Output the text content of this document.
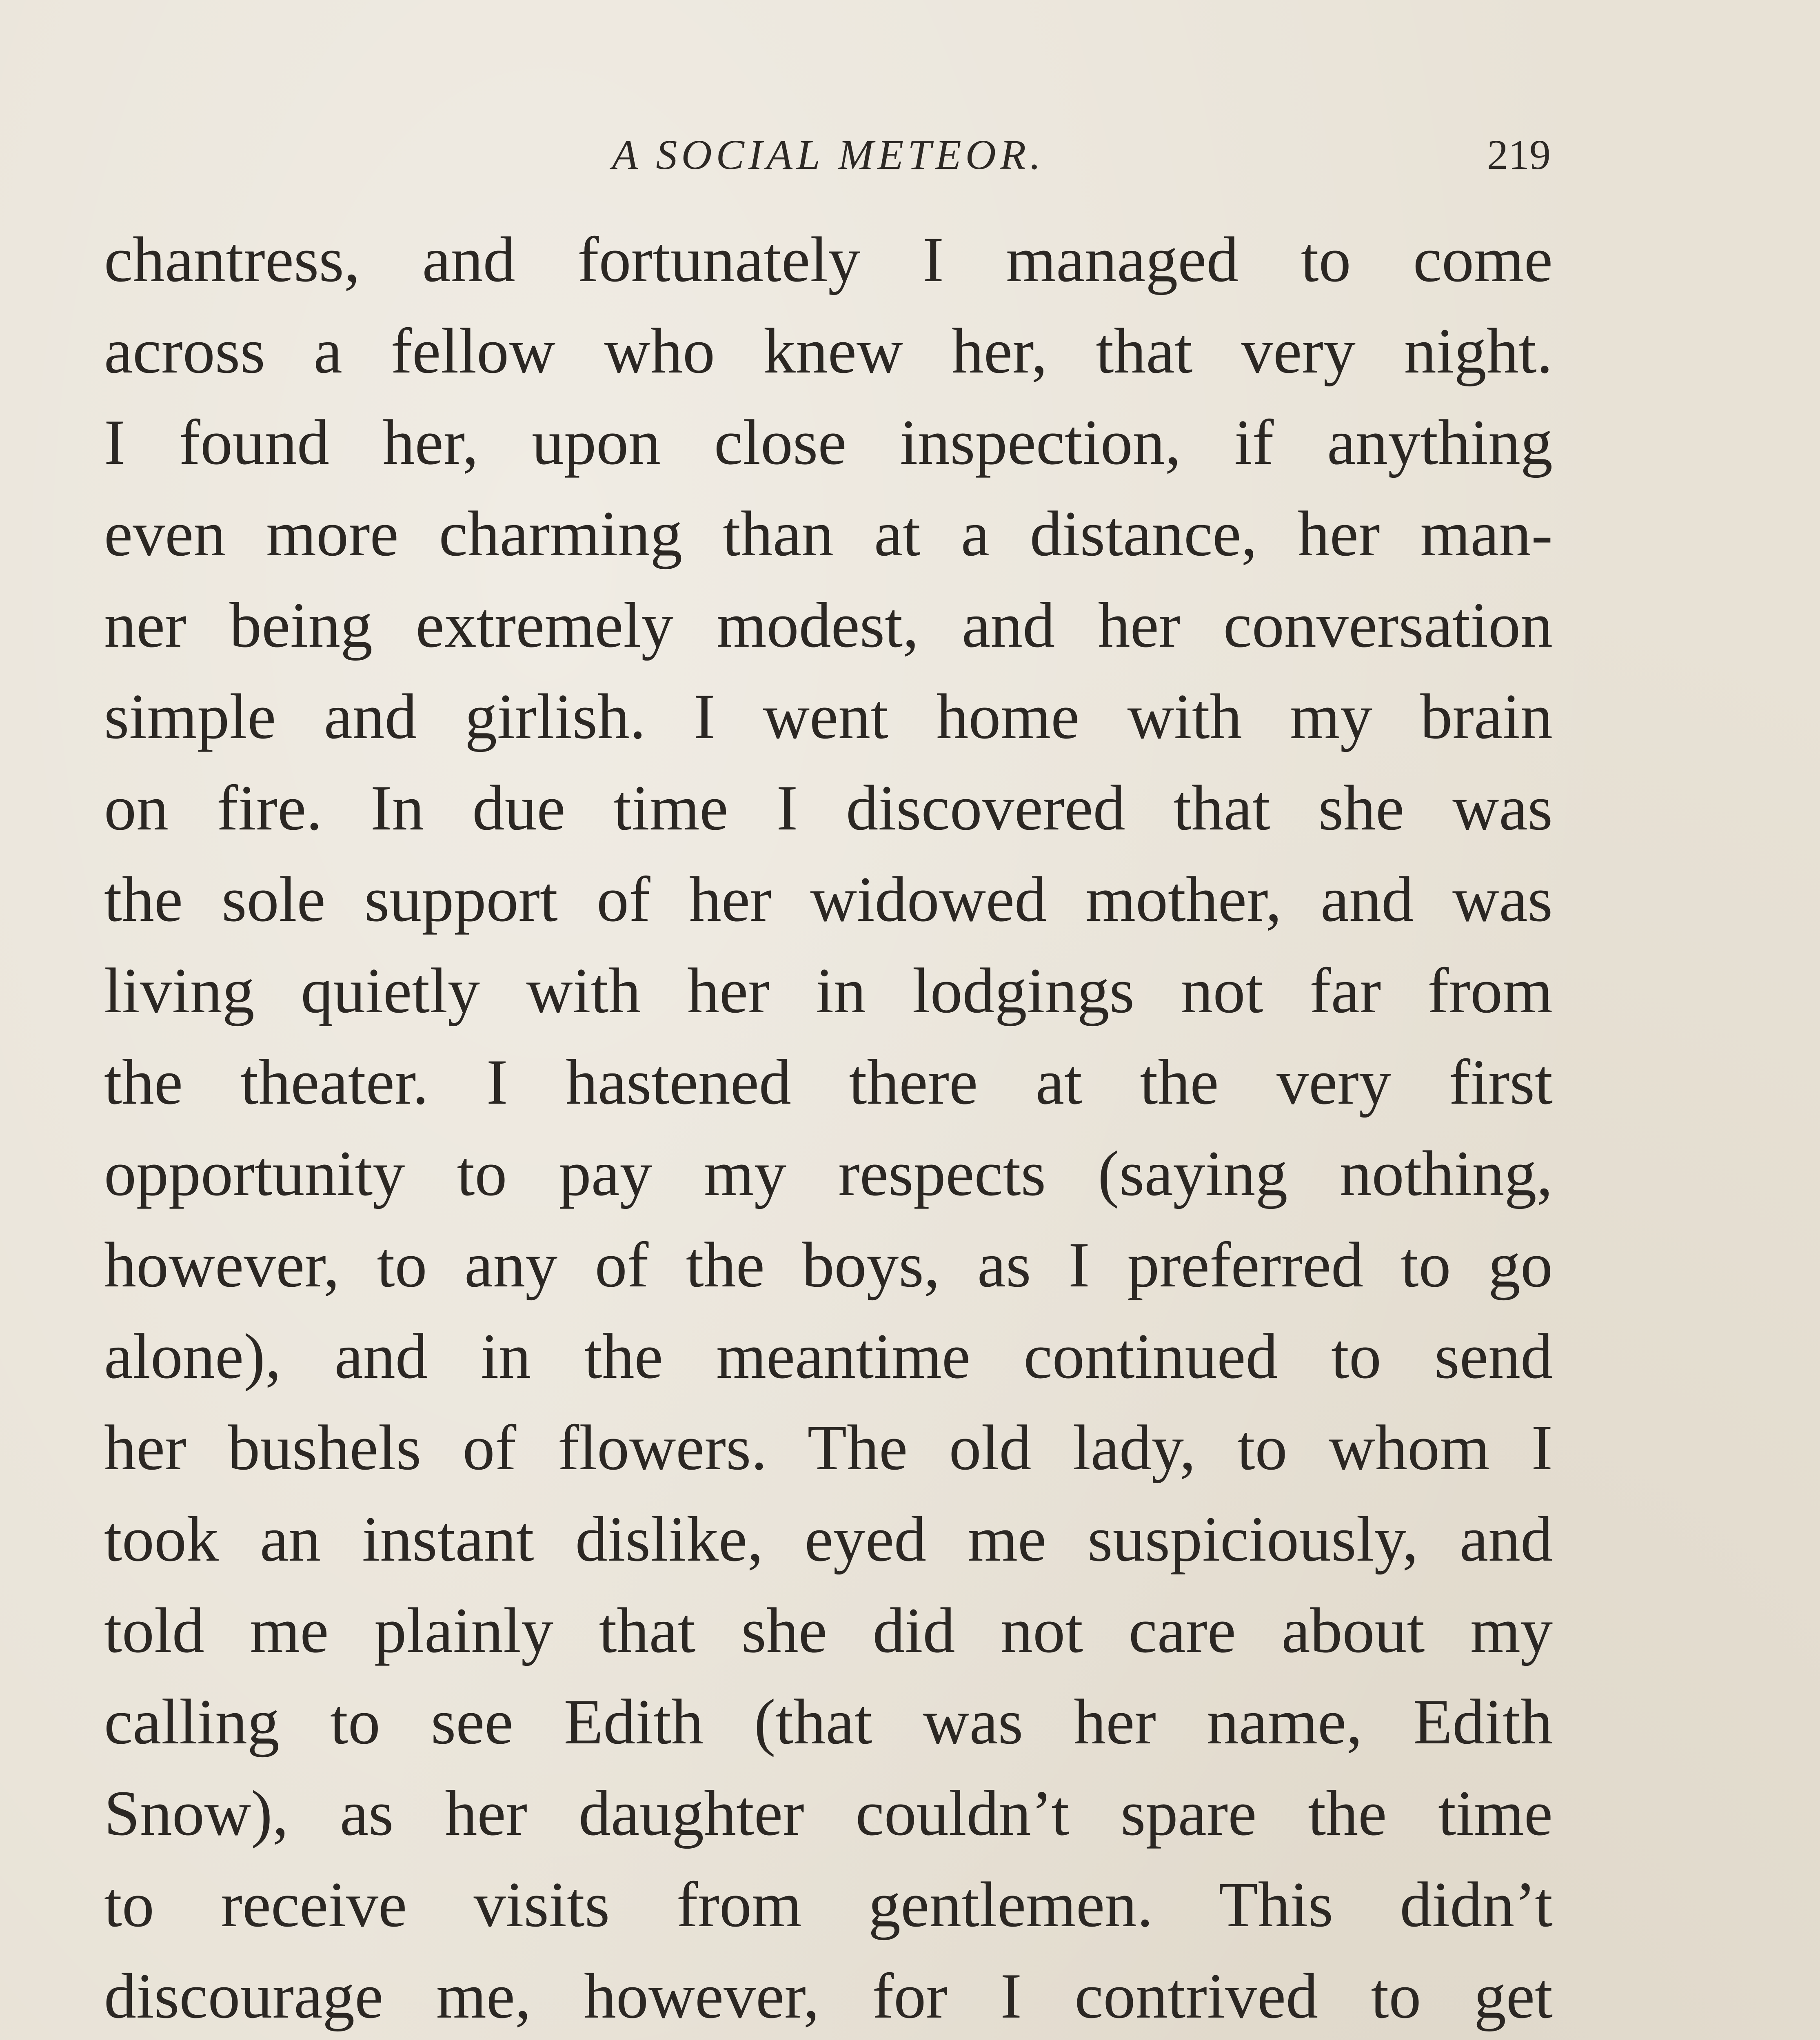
A SOCIAL METEOR.	219
chantress, and fortunately I managed to come
across a fellow who knew her, that very night.
I found her, upon close inspection, if anything
even more charming than at a distance, her man-
ner being extremely modest, and her conversation
simple and girlish. I went home with my brain
on fire. In due time I discovered that she was
the sole support of her widowed mother, and was
living quietly with her in lodgings not far from
the theater. I hastened there at the very first
opportunity to pay my respects (saying nothing,
however, to any of the boys, as I preferred to go
alone), and in the meantime continued to send
her bushels of flowers. The old lady, to whom I
took an instant dislike, eyed me suspiciously, and
told me plainly that she did not care about my
calling to see Edith (that was her name, Edith
Snow), as her daughter couldn’t spare the time
to receive visits from gentlemen. This didn’t
discourage me, however, for I contrived to get
